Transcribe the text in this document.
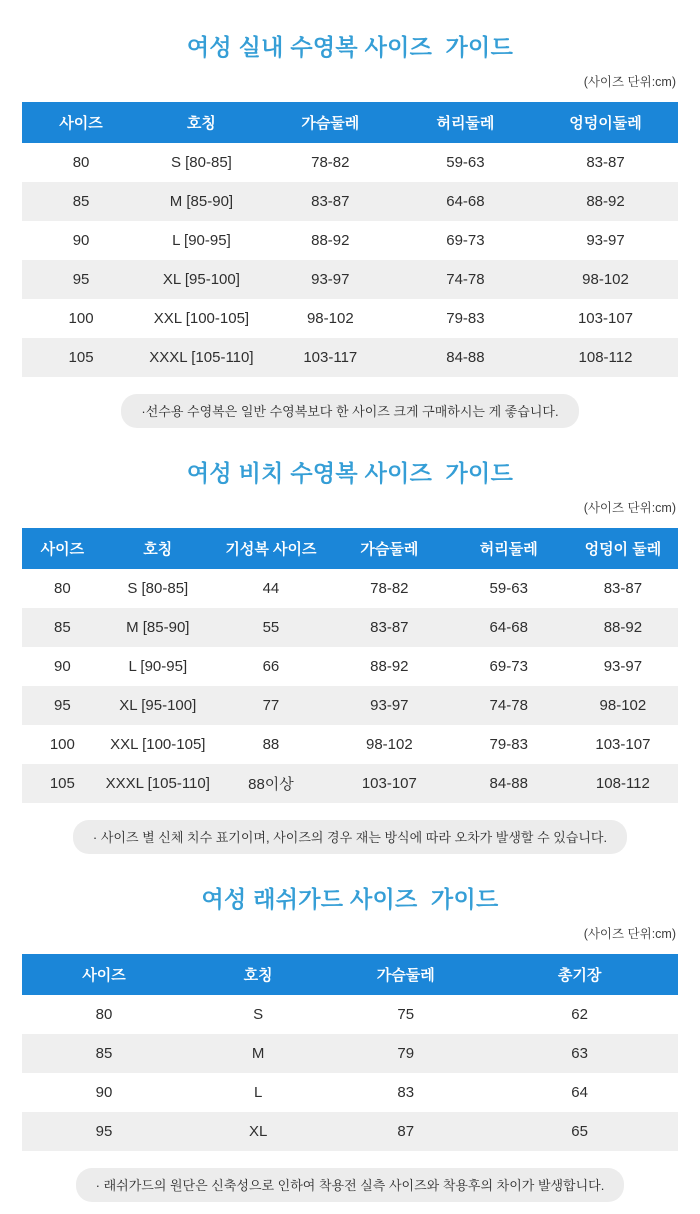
여성 실내 수영복 사이즈  가이드
(사이즈 단위:cm)
사이즈	호칭	가슴둘레	허리둘레	엉덩이둘레
80	S [80-85]	78-82	59-63	83-87
85	M [85-90]	83-87	64-68	88-92
90	L [90-95]	88-92	69-73	93-97
95	XL [95-100]	93-97	74-78	98-102
100	XXL [100-105]	98-102	79-83	103-107
105	XXXL [105-110]	103-117	84-88	108-112
·선수용 수영복은 일반 수영복보다 한 사이즈 크게 구매하시는 게 좋습니다.
여성 비치 수영복 사이즈  가이드
(사이즈 단위:cm)
사이즈	호칭	기성복 사이즈	가슴둘레	허리둘레	엉덩이 둘레
80	S [80-85]	44	78-82	59-63	83-87
85	M [85-90]	55	83-87	64-68	88-92
90	L [90-95]	66	88-92	69-73	93-97
95	XL [95-100]	77	93-97	74-78	98-102
100	XXL [100-105]	88	98-102	79-83	103-107
105	XXXL [105-110]	88이상	103-107	84-88	108-112
· 사이즈 별 신체 치수 표기이며, 사이즈의 경우 재는 방식에 따라 오차가 발생할 수 있습니다.
여성 래쉬가드 사이즈  가이드
(사이즈 단위:cm)
사이즈	호칭	가슴둘레	총기장
80	S	75	62
85	M	79	63
90	L	83	64
95	XL	87	65
· 래쉬가드의 원단은 신축성으로 인하여 착용전 실측 사이즈와 착용후의 차이가 발생합니다.
